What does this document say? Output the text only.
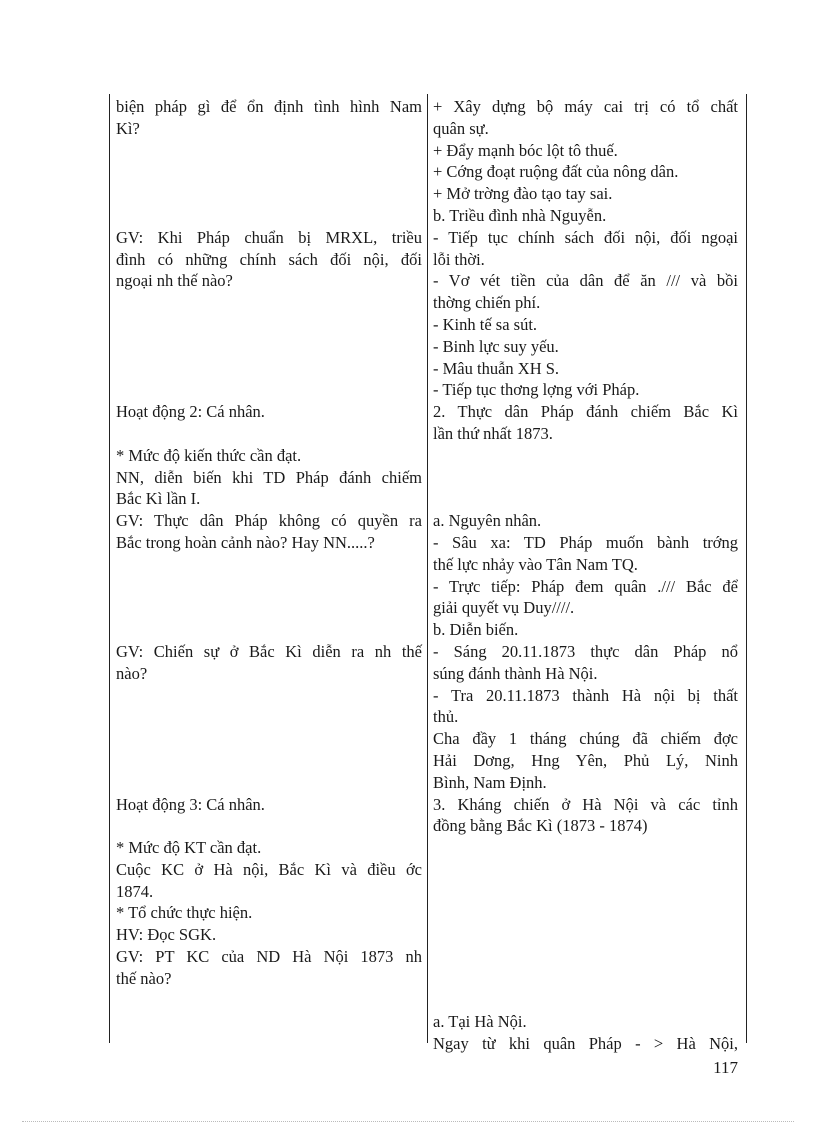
biện pháp gì để ổn định tình hình Nam
Kì?
GV: Khi Pháp chuẩn bị MRXL, triều
đình có những chính sách đối nội, đối
ngoại nh thế nào?
Hoạt động 2: Cá nhân.
* Mức độ kiến thức cần đạt.
NN, diễn biến khi TD Pháp đánh chiếm
Bắc Kì lần I.
GV: Thực dân Pháp không có quyền ra
Bắc trong hoàn cảnh nào? Hay NN.....?
GV: Chiến sự ở Bắc Kì diễn ra nh thế
nào?
Hoạt động 3: Cá nhân.
* Mức độ KT cần đạt.
Cuộc KC ở Hà nội, Bắc Kì và điều ớc
1874.
* Tổ chức thực hiện.
HV: Đọc SGK.
GV: PT KC của ND Hà Nội 1873 nh
thế nào?
+ Xây dựng bộ máy cai trị có tổ chất
quân sự.
+ Đẩy mạnh bóc lột tô thuế.
+ Cớng đoạt ruộng đất của nông dân.
+ Mở trờng đào tạo tay sai.
b. Triều đình nhà Nguyễn.
- Tiếp tục chính sách đối nội, đối ngoại
lỗi thời.
- Vơ vét tiền của dân để ăn /// và bồi
thờng chiến phí.
- Kinh tế sa sút.
- Binh lực suy yếu.
- Mâu thuẫn XH S.
- Tiếp tục thơng lợng với Pháp.
2. Thực dân Pháp đánh chiếm Bắc Kì
lần thứ nhất 1873.
a. Nguyên nhân.
- Sâu xa: TD Pháp muốn bành trớng
thế lực nhảy vào Tân Nam TQ.
- Trực tiếp: Pháp đem quân ./// Bắc để
giải quyết vụ Duy////.
b. Diễn biến.
- Sáng 20.11.1873 thực dân Pháp nổ
súng đánh thành Hà Nội.
- Tra 20.11.1873 thành Hà nội bị thất
thủ.
Cha đầy 1 tháng chúng đã chiếm đợc
Hải Dơng, Hng Yên, Phủ Lý, Ninh
Bình, Nam Định.
3. Kháng chiến ở Hà Nội và các tỉnh
đồng bằng Bắc Kì (1873 - 1874)
a. Tại Hà Nội.
Ngay từ khi quân Pháp - > Hà Nội,
117
